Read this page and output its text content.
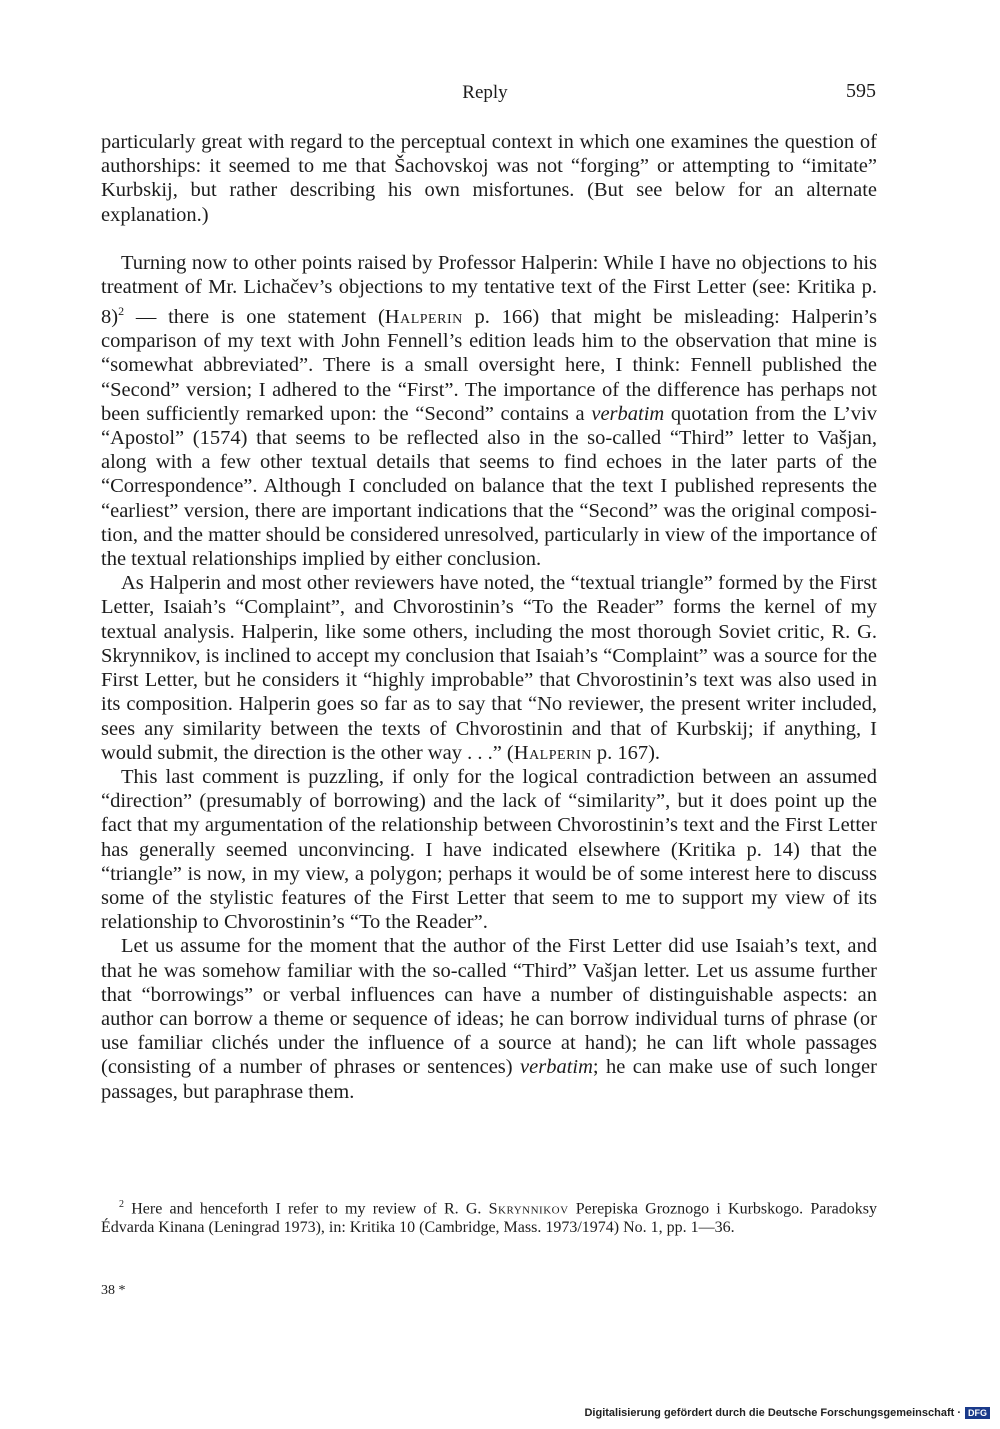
Reply	595

particularly great with regard to the perceptual context in which one examines the question of authorships: it seemed to me that Šachovskoj was not “forging” or attempting to “imitate” Kurbskij, but rather describing his own misfortunes. (But see below for an alternate explanation.)

Turning now to other points raised by Professor Halperin: While I have no objections to his treatment of Mr. Lichačev’s objections to my tentative text of the First Letter (see: Kritika p. 8)$^2$ — there is one statement (Halperin p. 166) that might be misleading: Halperin’s comparison of my text with John Fennell’s edition leads him to the observation that mine is “somewhat abbreviated”. There is a small oversight here, I think: Fennell published the “Second” version; I adhered to the “First”. The importance of the difference has perhaps not been sufficiently remarked upon: the “Second” contains a verbatim quotation from the L’viv “Apostol” (1574) that seems to be reflected also in the so-called “Third” letter to Vašjan, along with a few other textual details that seems to find echoes in the later parts of the “Correspondence”. Although I concluded on balance that the text I published represents the “earliest” version, there are important indications that the “Second” was the original composition, and the matter should be considered unresolved, particularly in view of the importance of the textual relationships implied by either conclusion.

As Halperin and most other reviewers have noted, the “textual triangle” formed by the First Letter, Isaiah’s “Complaint”, and Chvorostinin’s “To the Reader” forms the kernel of my textual analysis. Halperin, like some others, including the most thorough Soviet critic, R. G. Skrynnikov, is inclined to accept my conclusion that Isaiah’s “Complaint” was a source for the First Letter, but he considers it “highly improbable” that Chvorostinin’s text was also used in its composition. Halperin goes so far as to say that “No reviewer, the present writer included, sees any similarity between the texts of Chvorostinin and that of Kurbskij; if anything, I would submit, the direction is the other way . . .” (Halperin p. 167).

This last comment is puzzling, if only for the logical contradiction between an assumed “direction” (presumably of borrowing) and the lack of “similarity”, but it does point up the fact that my argumentation of the relationship between Chvorostinin’s text and the First Letter has generally seemed unconvincing. I have indicated elsewhere (Kritika p. 14) that the “triangle” is now, in my view, a polygon; perhaps it would be of some interest here to discuss some of the stylistic features of the First Letter that seem to me to support my view of its relationship to Chvorostinin’s “To the Reader”.

Let us assume for the moment that the author of the First Letter did use Isaiah’s text, and that he was somehow familiar with the so-called “Third” Vašjan letter. Let us assume further that “borrowings” or verbal influences can have a number of distinguishable aspects: an author can borrow a theme or sequence of ideas; he can borrow individual turns of phrase (or use familiar clichés under the influence of a source at hand); he can lift whole passages (consisting of a number of phrases or sentences) verbatim; he can make use of such longer passages, but paraphrase them.

$^2$ Here and henceforth I refer to my review of R. G. Skrynnikov Perepiska Groznogo i Kurbskogo. Paradoksy Édvarda Kinana (Leningrad 1973), in: Kritika 10 (Cambridge, Mass. 1973/1974) No. 1, pp. 1—36.

38 *
Digitalisierung gefördert durch die Deutsche Forschungsgemeinschaft · DFG
